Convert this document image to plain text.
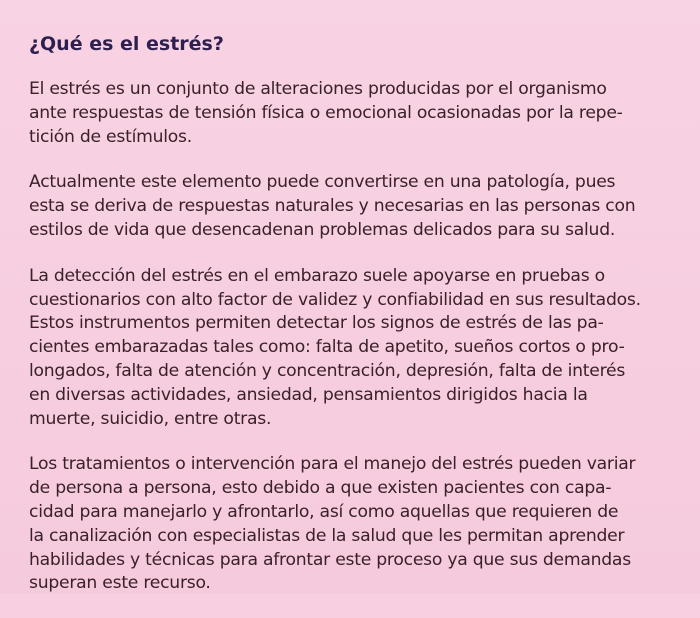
¿Qué es el estrés?

El estrés es un conjunto de alteraciones producidas por el organismo
ante respuestas de tensión física o emocional ocasionadas por la repe-
tición de estímulos.

Actualmente este elemento puede convertirse en una patología, pues
esta se deriva de respuestas naturales y necesarias en las personas con
estilos de vida que desencadenan problemas delicados para su salud.

La detección del estrés en el embarazo suele apoyarse en pruebas o
cuestionarios con alto factor de validez y confiabilidad en sus resultados.
Estos instrumentos permiten detectar los signos de estrés de las pa-
cientes embarazadas tales como: falta de apetito, sueños cortos o pro-
longados, falta de atención y concentración, depresión, falta de interés
en diversas actividades, ansiedad, pensamientos dirigidos hacia la
muerte, suicidio, entre otras.

Los tratamientos o intervención para el manejo del estrés pueden variar
de persona a persona, esto debido a que existen pacientes con capa-
cidad para manejarlo y afrontarlo, así como aquellas que requieren de
la canalización con especialistas de la salud que les permitan aprender
habilidades y técnicas para afrontar este proceso ya que sus demandas
superan este recurso.
